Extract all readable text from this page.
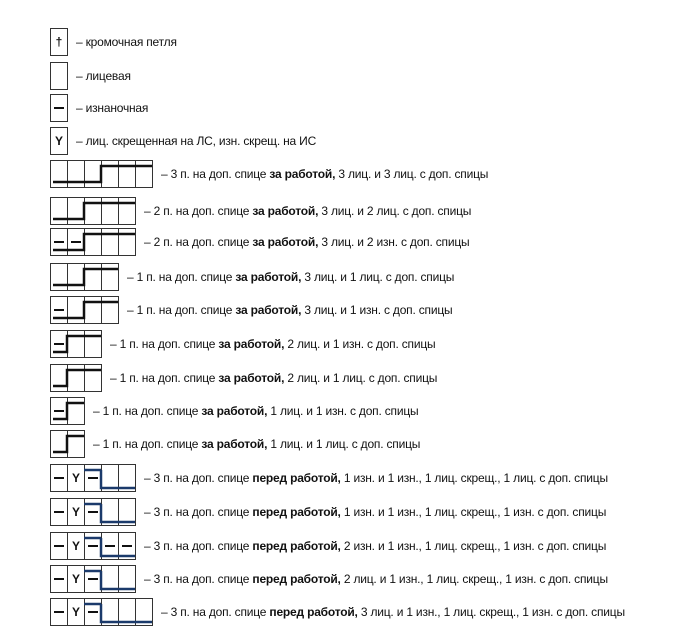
†	– кромочная петля
– лицевая
– изнаночная
Y	– лиц. скрещенная на ЛС, изн. скрещ. на ИС
– 3 п. на доп. спице за работой, 3 лиц. и 3 лиц. с доп. спицы
– 2 п. на доп. спице за работой, 3 лиц. и 2 лиц. с доп. спицы
– 2 п. на доп. спице за работой, 3 лиц. и 2 изн. с доп. спицы
– 1 п. на доп. спице за работой, 3 лиц. и 1 лиц. с доп. спицы
– 1 п. на доп. спице за работой, 3 лиц. и 1 изн. с доп. спицы
– 1 п. на доп. спице за работой, 2 лиц. и 1 изн. с доп. спицы
– 1 п. на доп. спице за работой, 2 лиц. и 1 лиц. с доп. спицы
– 1 п. на доп. спице за работой, 1 лиц. и 1 изн. с доп. спицы
– 1 п. на доп. спице за работой, 1 лиц. и 1 лиц. с доп. спицы
Y	– 3 п. на доп. спице перед работой, 1 изн. и 1 изн., 1 лиц. скрещ., 1 лиц. с доп. спицы
Y	– 3 п. на доп. спице перед работой, 1 изн. и 1 изн., 1 лиц. скрещ., 1 изн. с доп. спицы
Y	– 3 п. на доп. спице перед работой, 2 изн. и 1 изн., 1 лиц. скрещ., 1 изн. с доп. спицы
Y	– 3 п. на доп. спице перед работой, 2 лиц. и 1 изн., 1 лиц. скрещ., 1 изн. с доп. спицы
Y	– 3 п. на доп. спице перед работой, 3 лиц. и 1 изн., 1 лиц. скрещ., 1 изн. с доп. спицы
